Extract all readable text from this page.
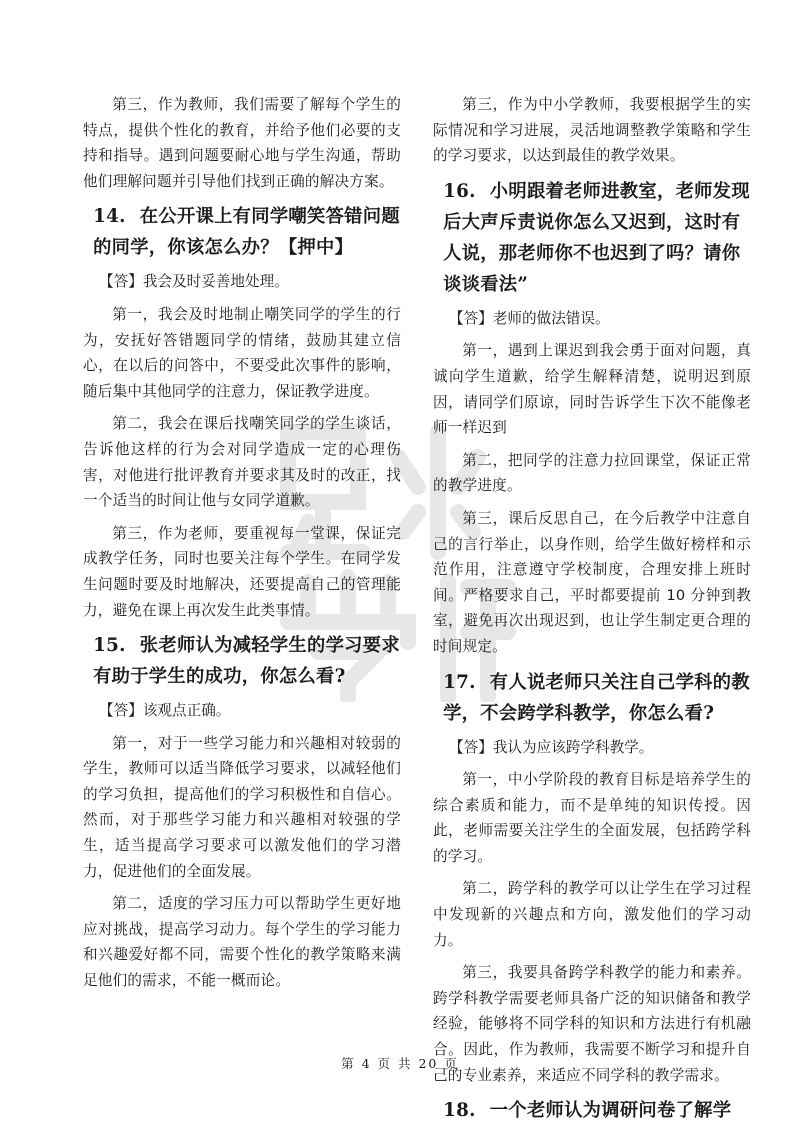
第三，作为教师，我们需要了解每个学生的特点，提供个性化的教育，并给予他们必要的支持和指导。遇到问题要耐心地与学生沟通，帮助他们理解问题并引导他们找到正确的解决方案。
14. 在公开课上有同学嘲笑答错问题的同学，你该怎么办？【押中】
【答】我会及时妥善地处理。
第一，我会及时地制止嘲笑同学的学生的行为，安抚好答错题同学的情绪，鼓励其建立信心，在以后的问答中，不要受此次事件的影响，随后集中其他同学的注意力，保证教学进度。
第二，我会在课后找嘲笑同学的学生谈话，告诉他这样的行为会对同学造成一定的心理伤害，对他进行批评教育并要求其及时的改正，找一个适当的时间让他与女同学道歉。
第三，作为老师，要重视每一堂课，保证完成教学任务，同时也要关注每个学生。在同学发生问题时要及时地解决，还要提高自己的管理能力，避免在课上再次发生此类事情。
15. 张老师认为减轻学生的学习要求有助于学生的成功，你怎么看?
【答】该观点正确。
第一，对于一些学习能力和兴趣相对较弱的学生，教师可以适当降低学习要求，以减轻他们的学习负担，提高他们的学习积极性和自信心。然而，对于那些学习能力和兴趣相对较强的学生，适当提高学习要求可以激发他们的学习潜力，促进他们的全面发展。
第二，适度的学习压力可以帮助学生更好地应对挑战，提高学习动力。每个学生的学习能力和兴趣爱好都不同，需要个性化的教学策略来满足他们的需求，不能一概而论。
第三，作为中小学教师，我要根据学生的实际情况和学习进展，灵活地调整教学策略和学生的学习要求，以达到最佳的教学效果。
16. 小明跟着老师进教室，老师发现后大声斥责说你怎么又迟到，这时有人说，那老师你不也迟到了吗？请你谈谈看法”
【答】老师的做法错误。
第一，遇到上课迟到我会勇于面对问题，真诚向学生道歉，给学生解释清楚，说明迟到原因，请同学们原谅，同时告诉学生下次不能像老师一样迟到
第二，把同学的注意力拉回课堂，保证正常的教学进度。
第三，课后反思自己，在今后教学中注意自己的言行举止，以身作则，给学生做好榜样和示范作用，注意遵守学校制度，合理安排上班时间。严格要求自己，平时都要提前 10 分钟到教室，避免再次出现迟到，也让学生制定更合理的时间规定。
17. 有人说老师只关注自己学科的教学，不会跨学科教学，你怎么看?
【答】我认为应该跨学科教学。
第一，中小学阶段的教育目标是培养学生的综合素质和能力，而不是单纯的知识传授。因此，老师需要关注学生的全面发展，包括跨学科的学习。
第二，跨学科的教学可以让学生在学习过程中发现新的兴趣点和方向，激发他们的学习动力。
第三，我要具备跨学科教学的能力和素养。跨学科教学需要老师具备广泛的知识储备和教学经验，能够将不同学科的知识和方法进行有机融合。因此，作为教师，我需要不断学习和提升自己的专业素养，来适应不同学科的教学需求。
18. 一个老师认为调研问卷了解学
第 4 页 共 20 页
